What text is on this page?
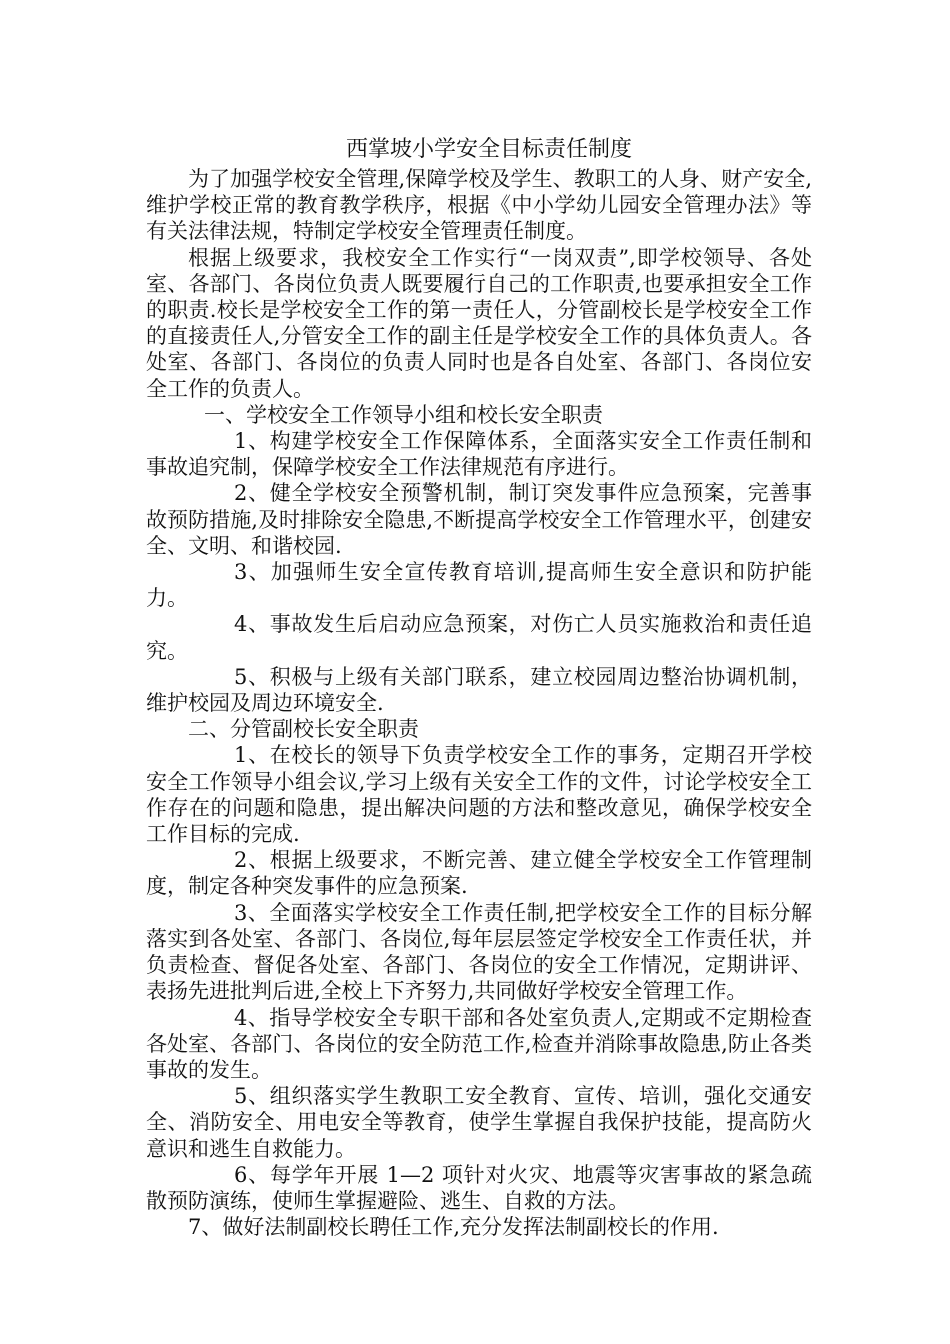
西掌坡小学安全目标责任制度

为了加强学校安全管理,保障学校及学生、教职工的人身、财产安全,维护学校正常的教育教学秩序，根据《中小学幼儿园安全管理办法》等有关法律法规，特制定学校安全管理责任制度。

根据上级要求，我校安全工作实行“一岗双责”,即学校领导、各处室、各部门、各岗位负责人既要履行自己的工作职责,也要承担安全工作的职责.校长是学校安全工作的第一责任人，分管副校长是学校安全工作的直接责任人,分管安全工作的副主任是学校安全工作的具体负责人。各处室、各部门、各岗位的负责人同时也是各自处室、各部门、各岗位安全工作的负责人。

一、学校安全工作领导小组和校长安全职责

1、构建学校安全工作保障体系，全面落实安全工作责任制和事故追究制，保障学校安全工作法律规范有序进行。

2、健全学校安全预警机制，制订突发事件应急预案，完善事故预防措施,及时排除安全隐患,不断提高学校安全工作管理水平，创建安全、文明、和谐校园.

3、加强师生安全宣传教育培训,提高师生安全意识和防护能力。

4、事故发生后启动应急预案，对伤亡人员实施救治和责任追究。

5、积极与上级有关部门联系，建立校园周边整治协调机制，维护校园及周边环境安全.

二、分管副校长安全职责

1、在校长的领导下负责学校安全工作的事务，定期召开学校安全工作领导小组会议,学习上级有关安全工作的文件，讨论学校安全工作存在的问题和隐患，提出解决问题的方法和整改意见，确保学校安全工作目标的完成.

2、根据上级要求，不断完善、建立健全学校安全工作管理制度，制定各种突发事件的应急预案.

3、全面落实学校安全工作责任制,把学校安全工作的目标分解落实到各处室、各部门、各岗位,每年层层签定学校安全工作责任状，并负责检查、督促各处室、各部门、各岗位的安全工作情况，定期讲评、表扬先进批判后进,全校上下齐努力,共同做好学校安全管理工作。

4、指导学校安全专职干部和各处室负责人,定期或不定期检查各处室、各部门、各岗位的安全防范工作,检查并消除事故隐患,防止各类事故的发生。

5、组织落实学生教职工安全教育、宣传、培训，强化交通安全、消防安全、用电安全等教育，使学生掌握自我保护技能，提高防火意识和逃生自救能力。

6、每学年开展 1—2 项针对火灾、地震等灾害事故的紧急疏散预防演练，使师生掌握避险、逃生、自救的方法。

7、做好法制副校长聘任工作,充分发挥法制副校长的作用.
